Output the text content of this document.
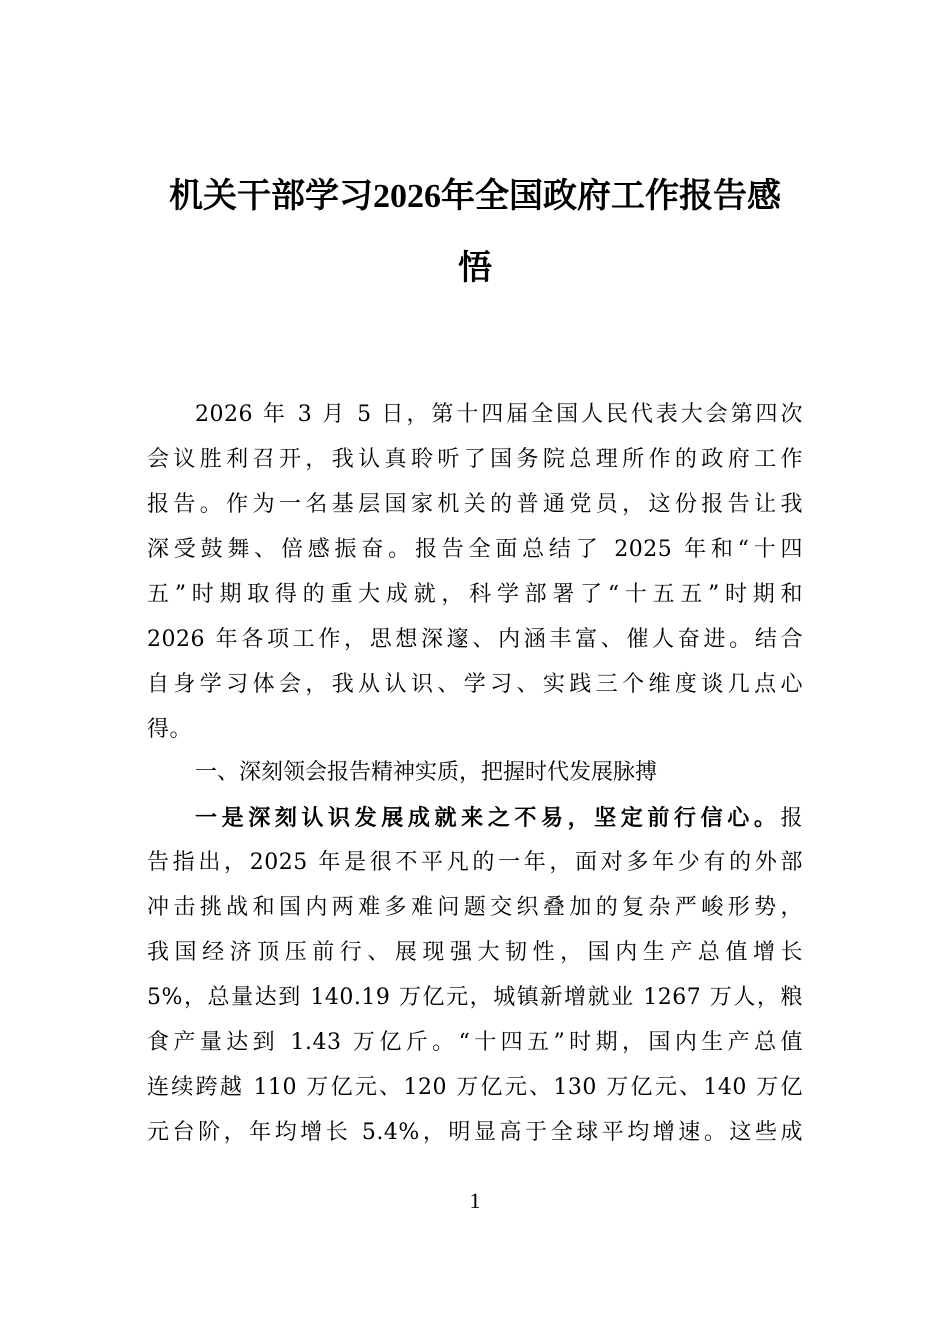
机关干部学习2026年全国政府工作报告感
悟
2026 年 3 月 5 日，第十四届全国人民代表大会第四次
会议胜利召开，我认真聆听了国务院总理所作的政府工作
报告。作为一名基层国家机关的普通党员，这份报告让我
深受鼓舞、倍感振奋。报告全面总结了 2025 年和“十四
五”时期取得的重大成就，科学部署了“十五五”时期和
2026 年各项工作，思想深邃、内涵丰富、催人奋进。结合
自身学习体会，我从认识、学习、实践三个维度谈几点心
得。
一、深刻领会报告精神实质，把握时代发展脉搏
一是深刻认识发展成就来之不易，坚定前行信心。报
告指出，2025 年是很不平凡的一年，面对多年少有的外部
冲击挑战和国内两难多难问题交织叠加的复杂严峻形势，
我国经济顶压前行、展现强大韧性，国内生产总值增长
5%，总量达到 140.19 万亿元，城镇新增就业 1267 万人，粮
食产量达到 1.43 万亿斤。“十四五”时期，国内生产总值
连续跨越 110 万亿元、120 万亿元、130 万亿元、140 万亿
元台阶，年均增长 5.4%，明显高于全球平均增速。这些成
1
